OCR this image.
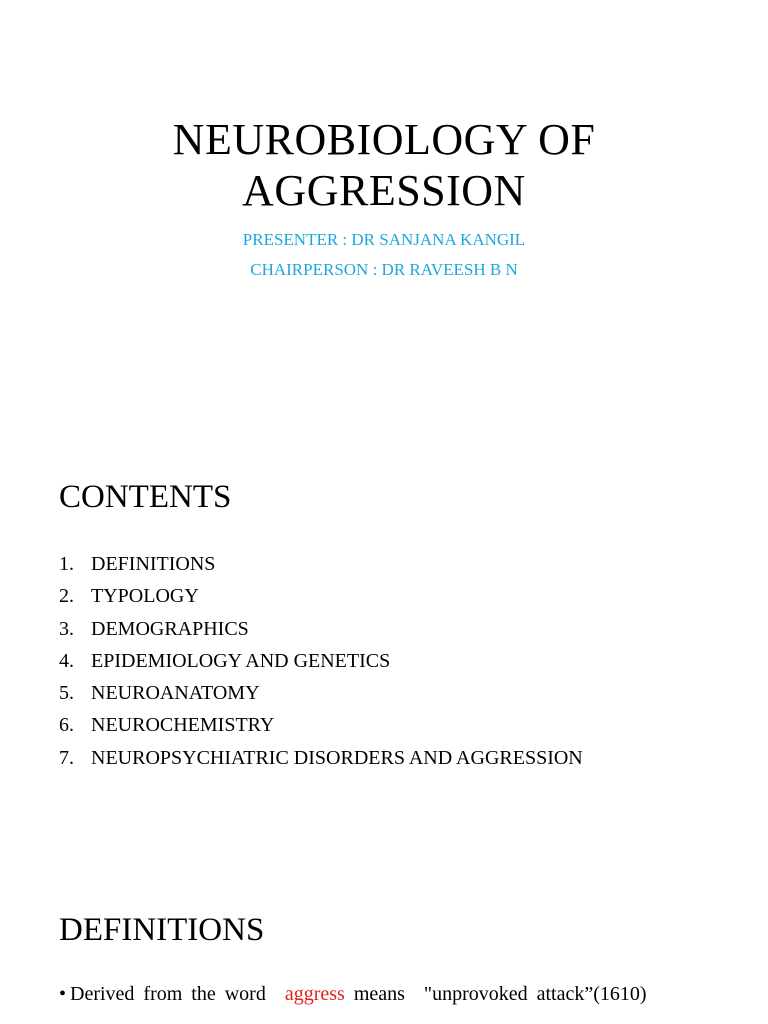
NEUROBIOLOGY OF
AGGRESSION
PRESENTER : DR SANJANA KANGIL
CHAIRPERSON : DR RAVEESH B N
CONTENTS
1. DEFINITIONS
2. TYPOLOGY
3. DEMOGRAPHICS
4. EPIDEMIOLOGY AND GENETICS
5. NEUROANATOMY
6. NEUROCHEMISTRY
7. NEUROPSYCHIATRIC DISORDERS AND AGGRESSION
DEFINITIONS
• Derived from the word aggress means "unprovoked attack”(1610)
